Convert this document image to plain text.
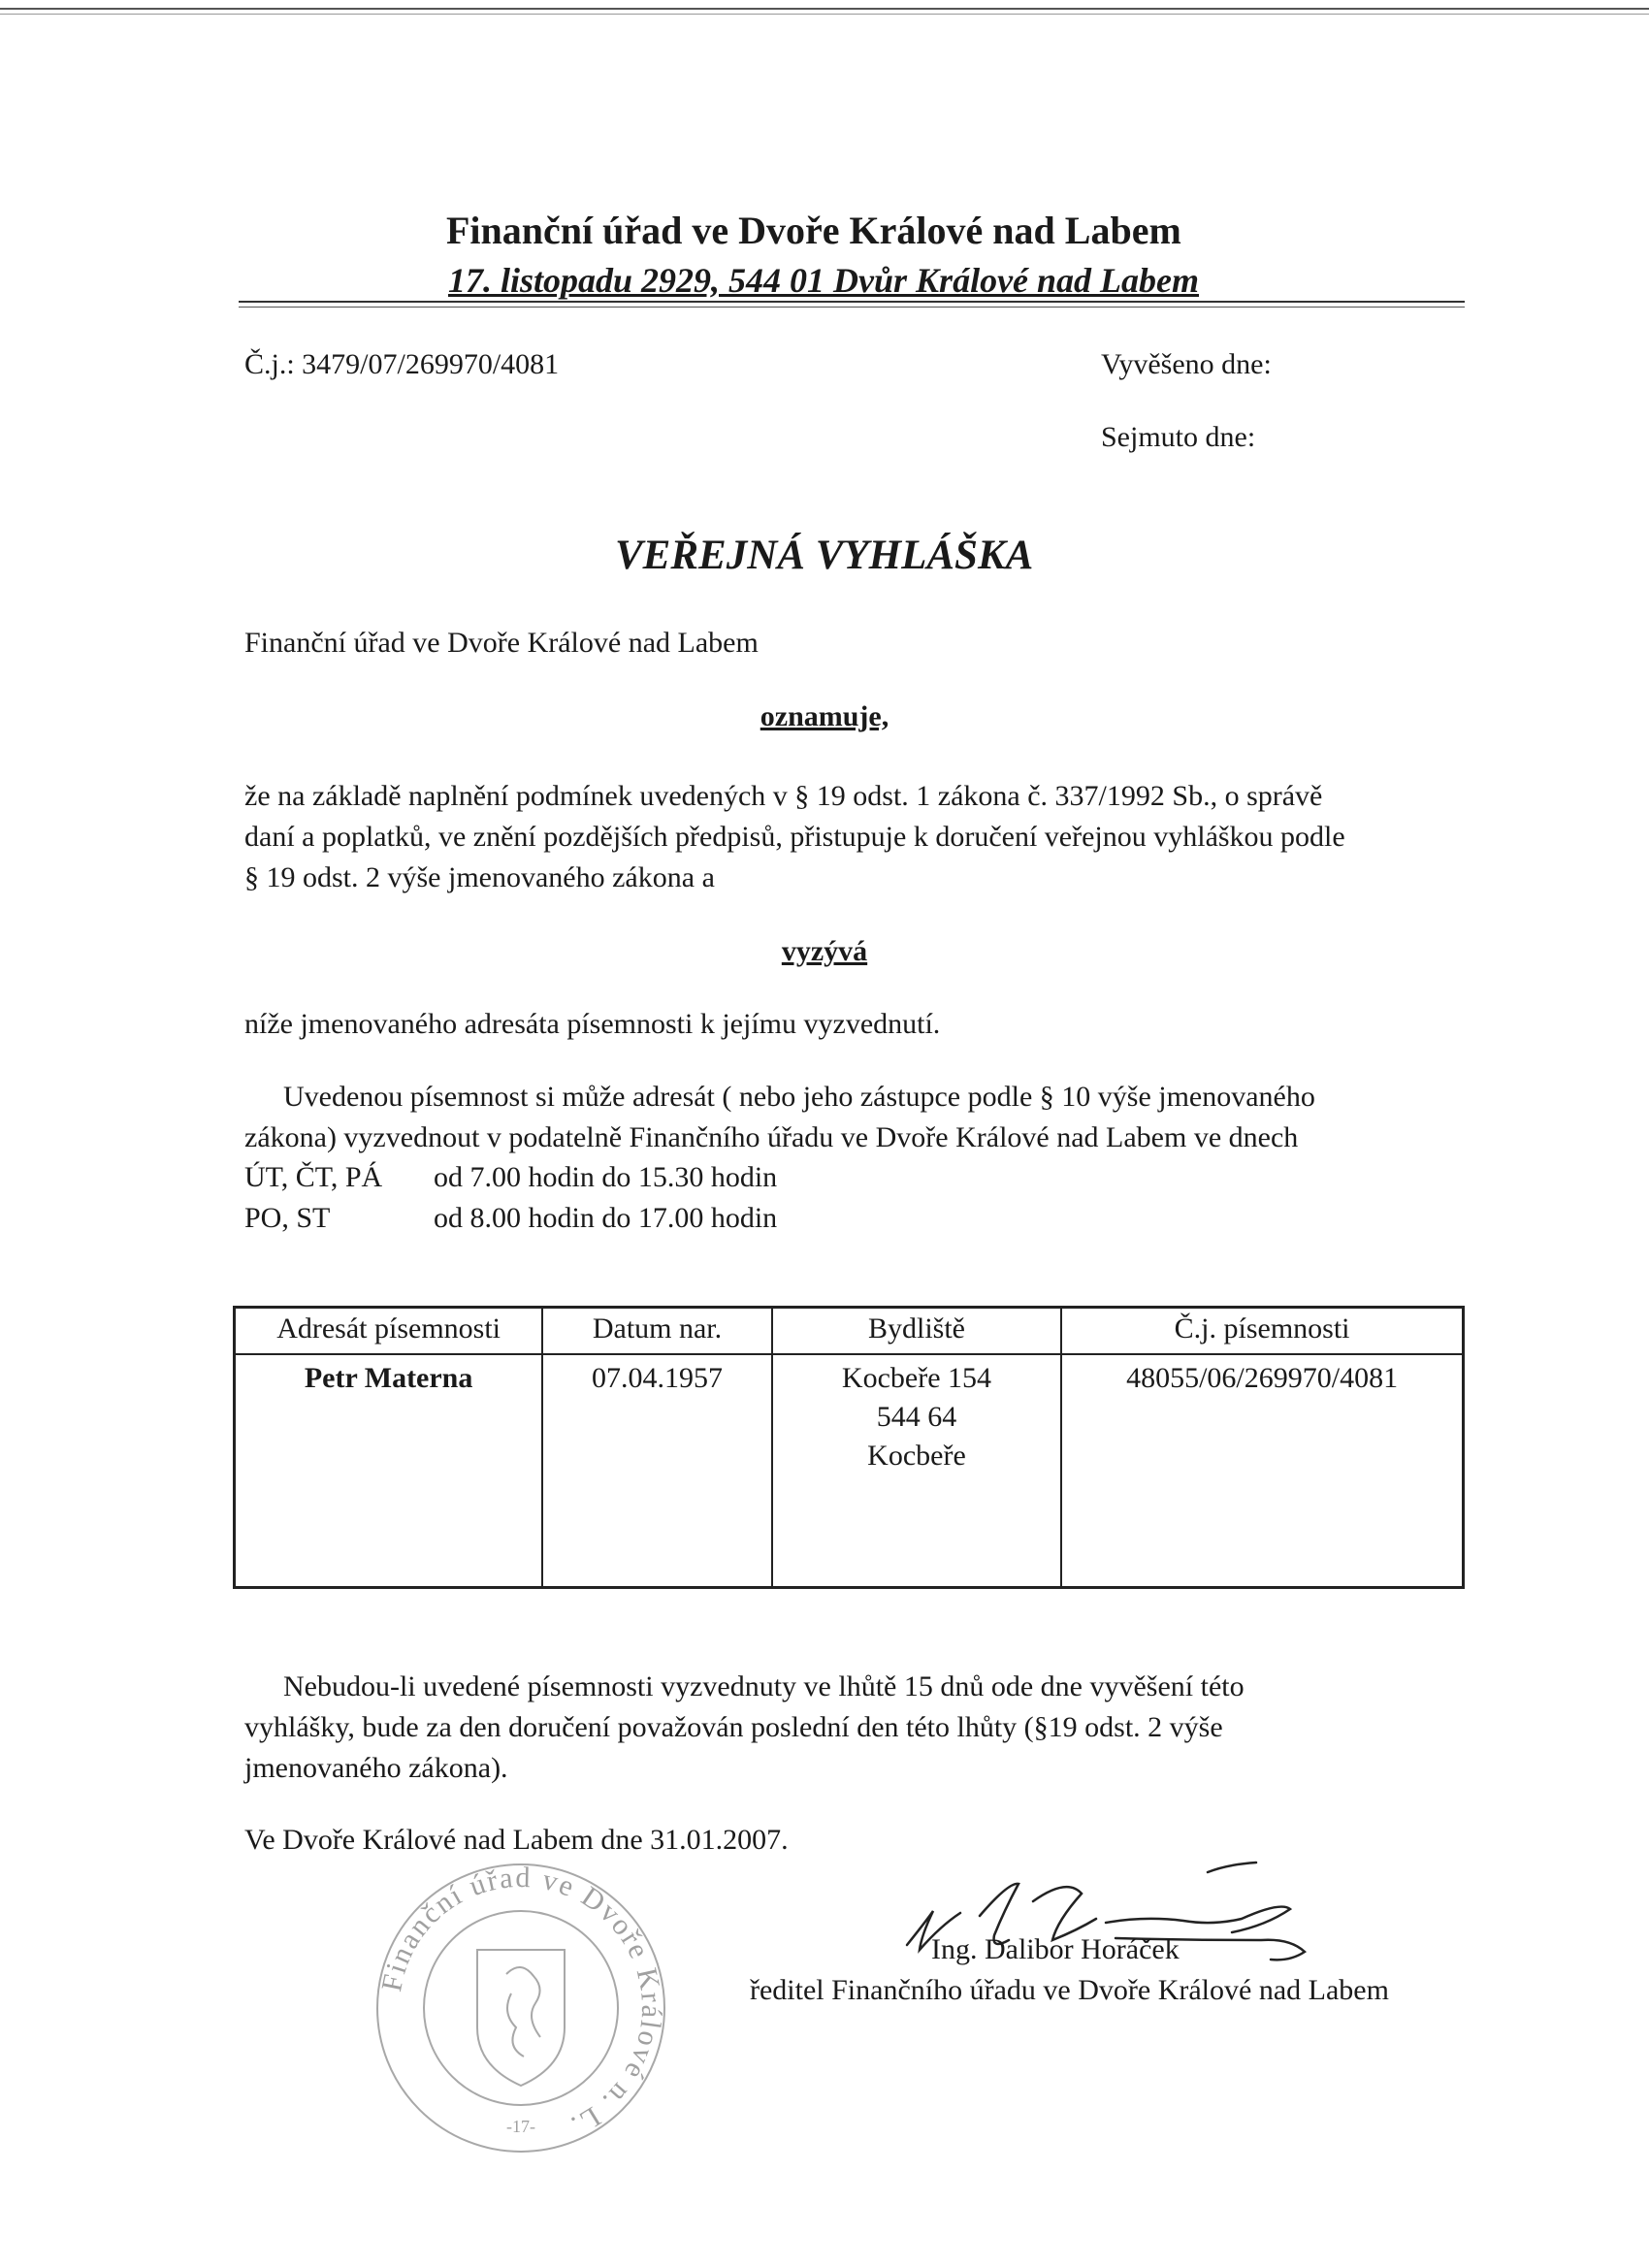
Finanční úřad ve Dvoře Králové nad Labem
17. listopadu 2929, 544 01 Dvůr Králové nad Labem
Č.j.: 3479/07/269970/4081	Vyvěšeno dne:
Sejmuto dne:
VEŘEJNÁ VYHLÁŠKA
Finanční úřad ve Dvoře Králové nad Labem
oznamuje,
že na základě naplnění podmínek uvedených v § 19 odst. 1 zákona č. 337/1992 Sb., o správě
daní a poplatků, ve znění pozdějších předpisů, přistupuje k doručení veřejnou vyhláškou podle
§ 19 odst. 2 výše jmenovaného zákona a
vyzývá
níže jmenovaného adresáta písemnosti k jejímu vyzvednutí.
Uvedenou písemnost si může adresát ( nebo jeho zástupce podle § 10 výše jmenovaného
zákona) vyzvednout v podatelně Finančního úřadu ve Dvoře Králové nad Labem ve dnech
ÚT, ČT, PÁ od 7.00 hodin do 15.30 hodin
PO, ST	od 8.00 hodin do 17.00 hodin
Adresát písemnosti	Datum nar.	Bydliště	Č.j. písemnosti
Petr Materna	07.04.1957	Kocbeře 154
544 64
Kocbeře	48055/06/269970/4081
Nebudou-li uvedené písemnosti vyzvednuty ve lhůtě 15 dnů ode dne vyvěšení této
vyhlášky, bude za den doručení považován poslední den této lhůty (§19 odst. 2 výše
jmenovaného zákona).
Ve Dvoře Králové nad Labem dne 31.01.2007.
Ing. Dalibor Horáček
ředitel Finančního úřadu ve Dvoře Králové nad Labem
Finanční úřad ve Dvoře Králové n. L.
-17-
